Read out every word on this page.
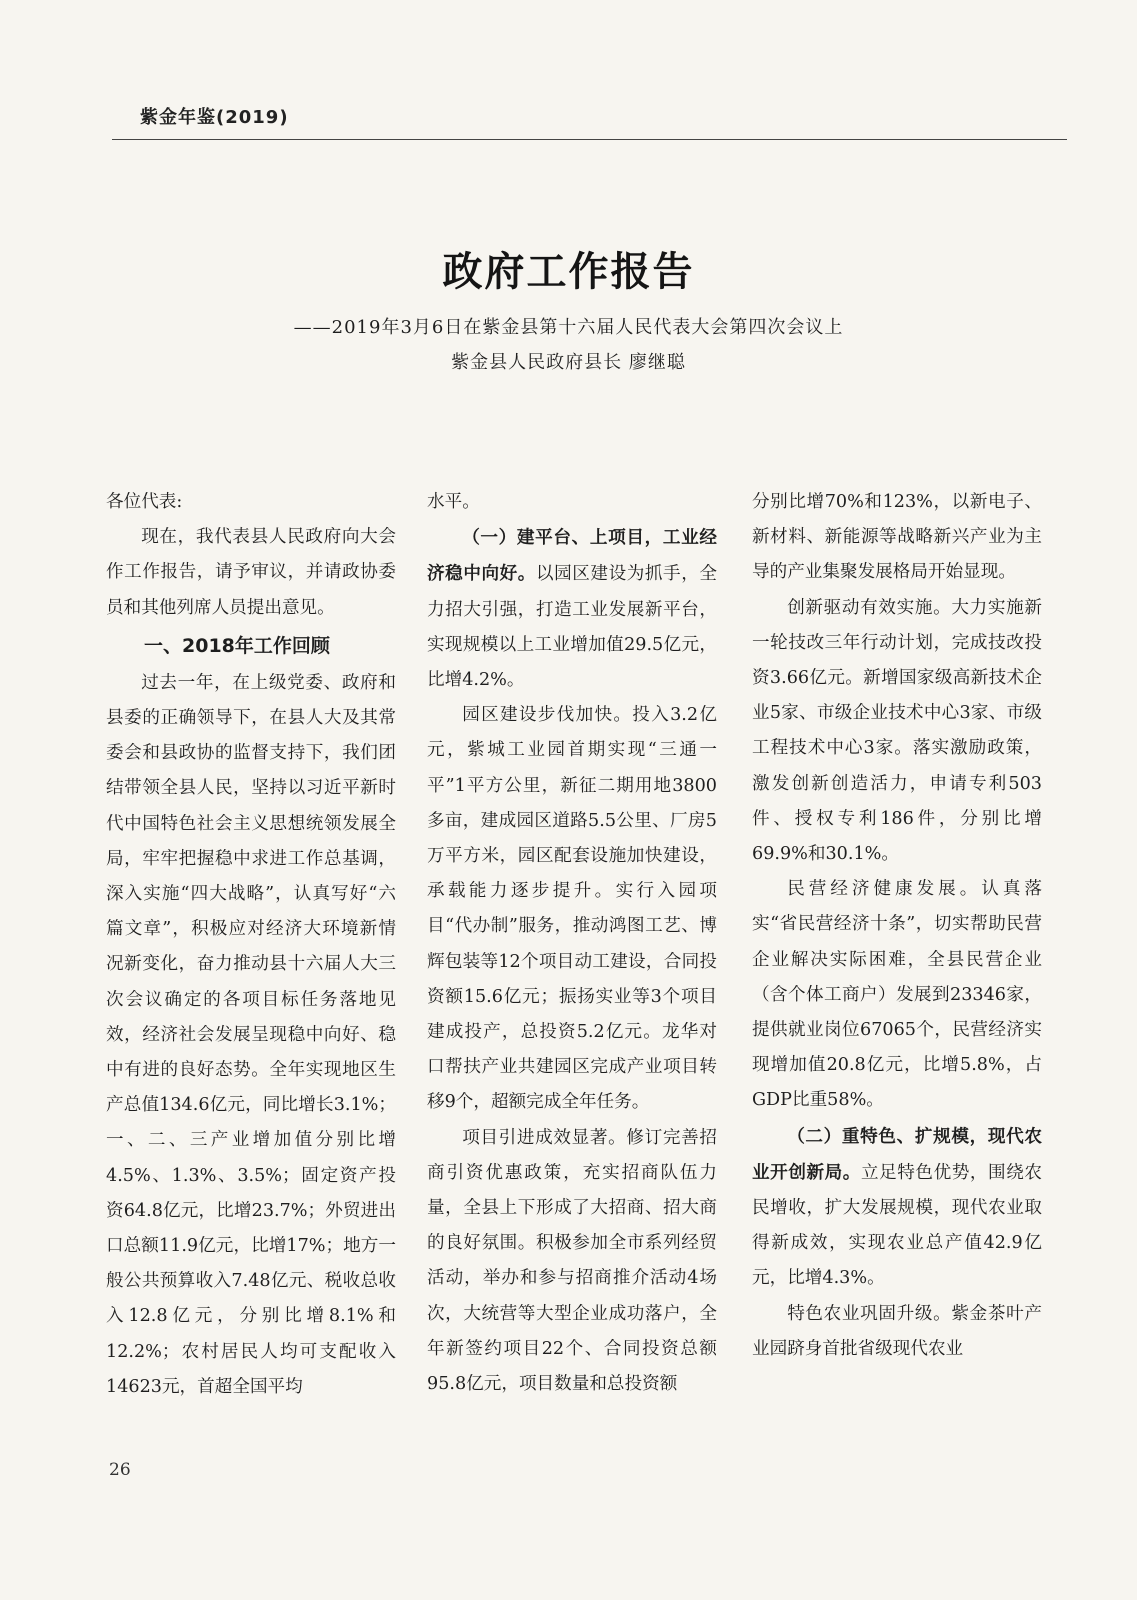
紫金年鉴(2019)
政府工作报告
——2019年3月6日在紫金县第十六届人民代表大会第四次会议上
紫金县人民政府县长 廖继聪

各位代表:

现在，我代表县人民政府向大会作工作报告，请予审议，并请政协委员和其他列席人员提出意见。

一、2018年工作回顾

过去一年，在上级党委、政府和县委的正确领导下，在县人大及其常委会和县政协的监督支持下，我们团结带领全县人民，坚持以习近平新时代中国特色社会主义思想统领发展全局，牢牢把握稳中求进工作总基调，深入实施“四大战略”，认真写好“六篇文章”，积极应对经济大环境新情况新变化，奋力推动县十六届人大三次会议确定的各项目标任务落地见效，经济社会发展呈现稳中向好、稳中有进的良好态势。全年实现地区生产总值134.6亿元，同比增长3.1%；一、二、三产业增加值分别比增4.5%、1.3%、3.5%；固定资产投资64.8亿元，比增23.7%；外贸进出口总额11.9亿元，比增17%；地方一般公共预算收入7.48亿元、税收总收入12.8亿元，分别比增8.1%和12.2%；农村居民人均可支配收入14623元，首超全国平均

水平。

（一）建平台、上项目，工业经济稳中向好。以园区建设为抓手，全力招大引强，打造工业发展新平台，实现规模以上工业增加值29.5亿元，比增4.2%。

园区建设步伐加快。投入3.2亿元，紫城工业园首期实现“三通一平”1平方公里，新征二期用地3800多亩，建成园区道路5.5公里、厂房5万平方米，园区配套设施加快建设，承载能力逐步提升。实行入园项目“代办制”服务，推动鸿图工艺、博辉包装等12个项目动工建设，合同投资额15.6亿元；振扬实业等3个项目建成投产，总投资5.2亿元。龙华对口帮扶产业共建园区完成产业项目转移9个，超额完成全年任务。

项目引进成效显著。修订完善招商引资优惠政策，充实招商队伍力量，全县上下形成了大招商、招大商的良好氛围。积极参加全市系列经贸活动，举办和参与招商推介活动4场次，大统营等大型企业成功落户，全年新签约项目22个、合同投资总额95.8亿元，项目数量和总投资额

分别比增70%和123%，以新电子、新材料、新能源等战略新兴产业为主导的产业集聚发展格局开始显现。

创新驱动有效实施。大力实施新一轮技改三年行动计划，完成技改投资3.66亿元。新增国家级高新技术企业5家、市级企业技术中心3家、市级工程技术中心3家。落实激励政策，激发创新创造活力，申请专利503件、授权专利186件，分别比增69.9%和30.1%。

民营经济健康发展。认真落实“省民营经济十条”，切实帮助民营企业解决实际困难，全县民营企业（含个体工商户）发展到23346家，提供就业岗位67065个，民营经济实现增加值20.8亿元，比增5.8%，占GDP比重58%。

（二）重特色、扩规模，现代农业开创新局。立足特色优势，围绕农民增收，扩大发展规模，现代农业取得新成效，实现农业总产值42.9亿元，比增4.3%。

特色农业巩固升级。紫金茶叶产业园跻身首批省级现代农业

26
